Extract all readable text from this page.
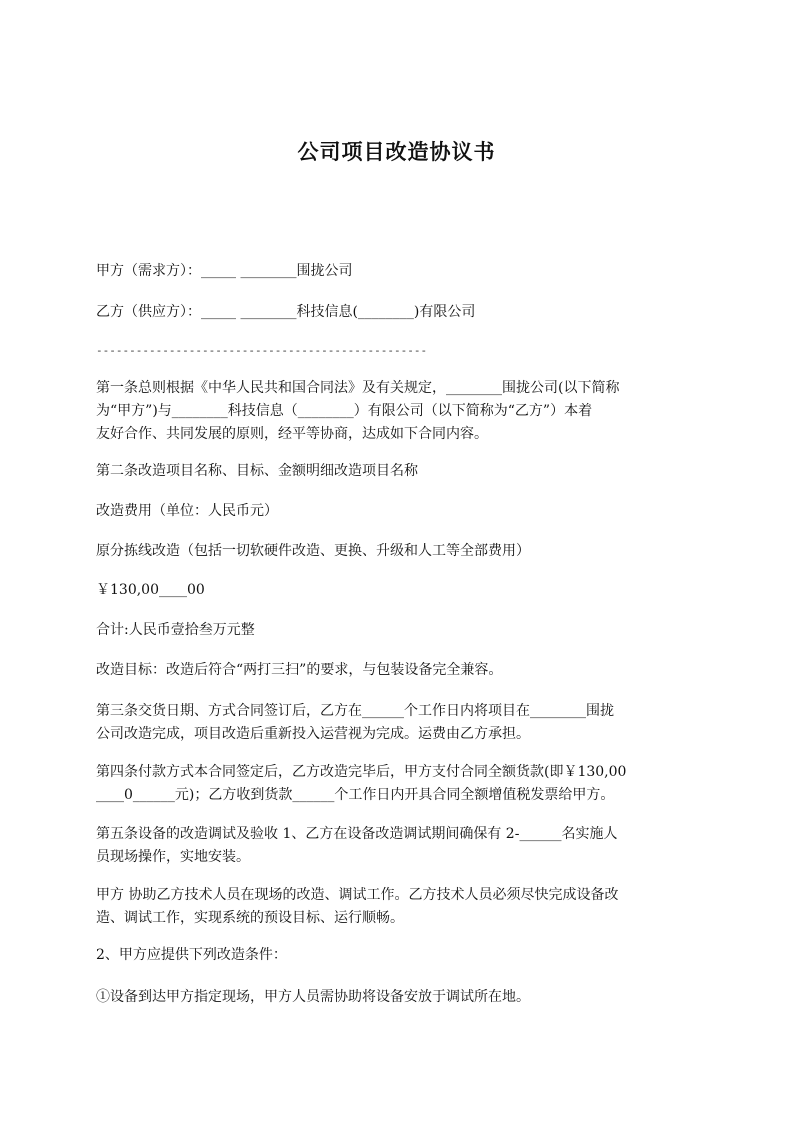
公司项目改造协议书
甲方（需求方）：_____ ________围拢公司
乙方（供应方）：_____ ________科技信息(________)有限公司
--------------------------------------------------
第一条总则根据《中华人民共和国合同法》及有关规定，________围拢公司(以下简称
为“甲方”)与________科技信息（________）有限公司（以下简称为“乙方”）本着
友好合作、共同发展的原则，经平等协商，达成如下合同内容。
第二条改造项目名称、目标、金额明细改造项目名称
改造费用（单位：人民币元）
原分拣线改造（包括一切软硬件改造、更换、升级和人工等全部费用）
￥130,00____00
合计:人民币壹拾叁万元整
改造目标：改造后符合“两打三扫”的要求，与包装设备完全兼容。
第三条交货日期、方式合同签订后，乙方在______个工作日内将项目在________围拢
公司改造完成，项目改造后重新投入运营视为完成。运费由乙方承担。
第四条付款方式本合同签定后，乙方改造完毕后，甲方支付合同全额货款(即￥130,00
____0______元)；乙方收到货款______个工作日内开具合同全额增值税发票给甲方。
第五条设备的改造调试及验收 1、乙方在设备改造调试期间确保有 2-______名实施人
员现场操作，实地安装。
甲方 协助乙方技术人员在现场的改造、调试工作。乙方技术人员必须尽快完成设备改
造、调试工作，实现系统的预设目标、运行顺畅。
2、甲方应提供下列改造条件：
①设备到达甲方指定现场，甲方人员需协助将设备安放于调试所在地。
